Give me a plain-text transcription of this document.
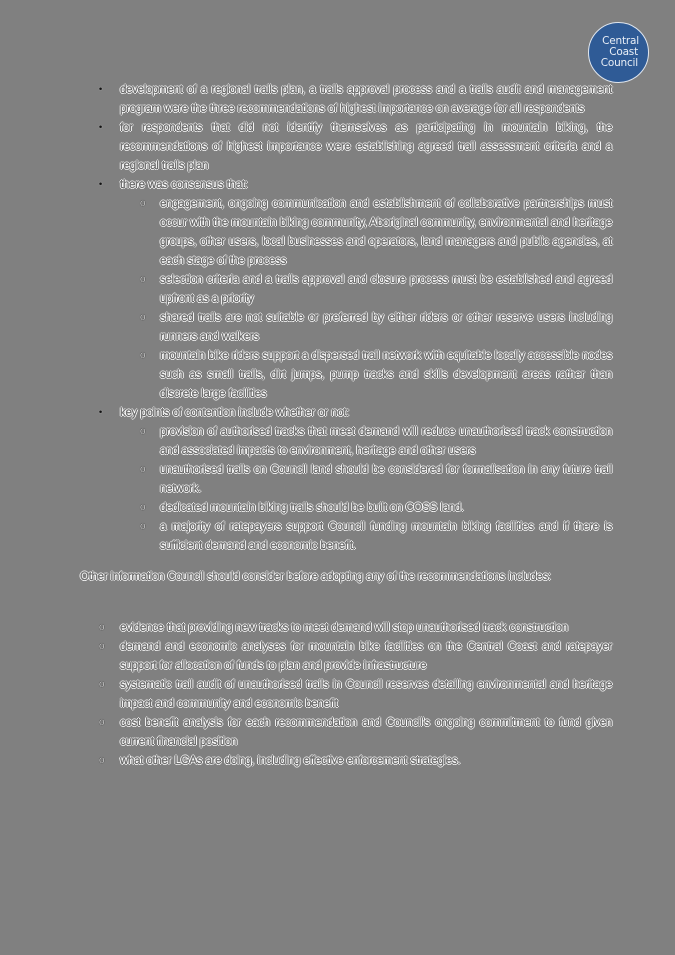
Central
Coast
Council
• development of a regional trails plan, a trails approval process and a trails audit and management program were the three recommendations of highest importance on average for all respondents
• for respondents that did not identify themselves as participating in mountain biking, the recommendations of highest importance were establishing agreed trail assessment criteria and a regional trails plan
• there was consensus that:
o engagement, ongoing communication and establishment of collaborative partnerships must occur with the mountain biking community, Aboriginal community, environmental and heritage groups, other users, local businesses and operators, land managers and public agencies, at each stage of the process
o selection criteria and a trails approval and closure process must be established and agreed upfront as a priority
o shared trails are not suitable or preferred by either riders or other reserve users including runners and walkers
o mountain bike riders support a dispersed trail network with equitable locally accessible nodes such as small trails, dirt jumps, pump tracks and skills development areas rather than discrete large facilities
• key points of contention include whether or not:
o provision of authorised tracks that meet demand will reduce unauthorised track construction and associated impacts to environment, heritage and other users
o unauthorised trails on Council land should be considered for formalisation in any future trail network.
o dedicated mountain biking trails should be built on COSS land.
o a majority of ratepayers support Council funding mountain biking facilities and if there is sufficient demand and economic benefit.

Other information Council should consider before adopting any of the recommendations includes:

o evidence that providing new tracks to meet demand will stop unauthorised track construction
o demand and economic analyses for mountain bike facilities on the Central Coast and ratepayer support for allocation of funds to plan and provide infrastructure
o systematic trail audit of unauthorised trails in Council reserves detailing environmental and heritage impact and community and economic benefit
o cost benefit analysis for each recommendation and Council's ongoing commitment to fund given current financial position
o what other LGAs are doing, including effective enforcement strategies.
